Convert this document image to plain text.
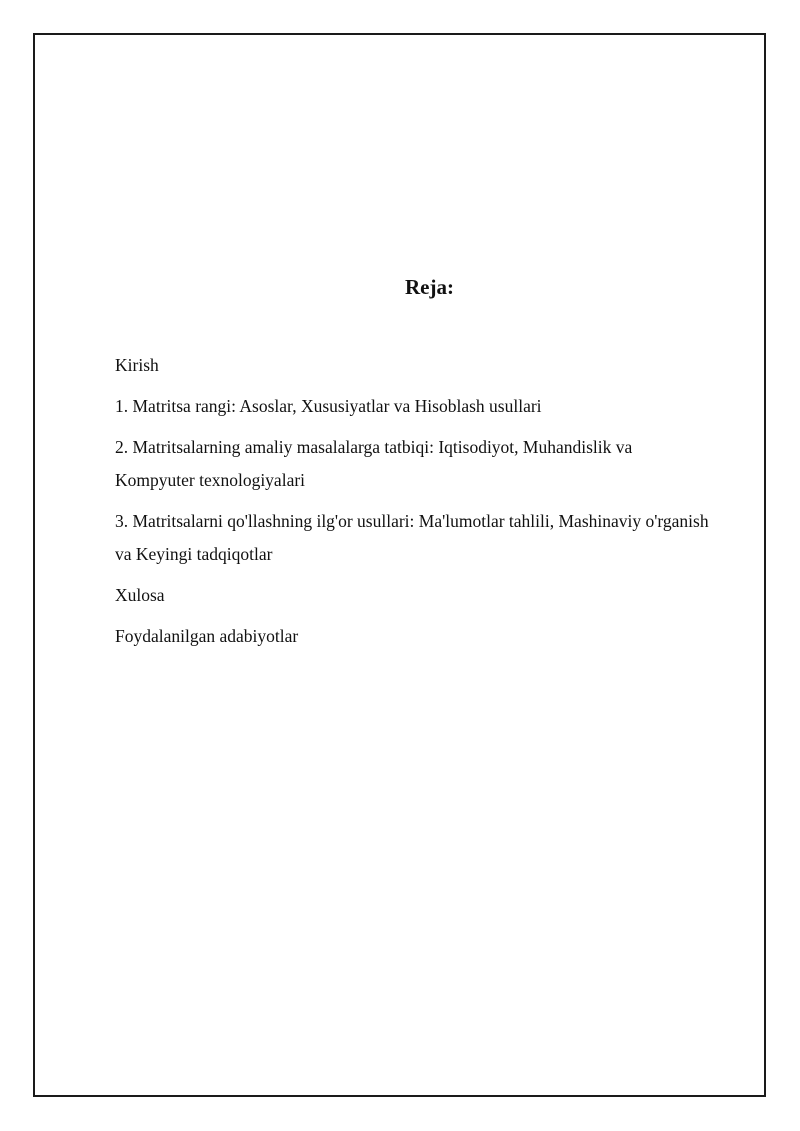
Reja:
Kirish
1. Matritsa rangi: Asoslar, Xususiyatlar va Hisoblash usullari
2. Matritsalarning amaliy masalalarga tatbiqi: Iqtisodiyot, Muhandislik va Kompyuter texnologiyalari
3. Matritsalarni qo'llashning ilg'or usullari: Ma'lumotlar tahlili, Mashinaviy o'rganish va Keyingi tadqiqotlar
Xulosa
Foydalanilgan adabiyotlar
